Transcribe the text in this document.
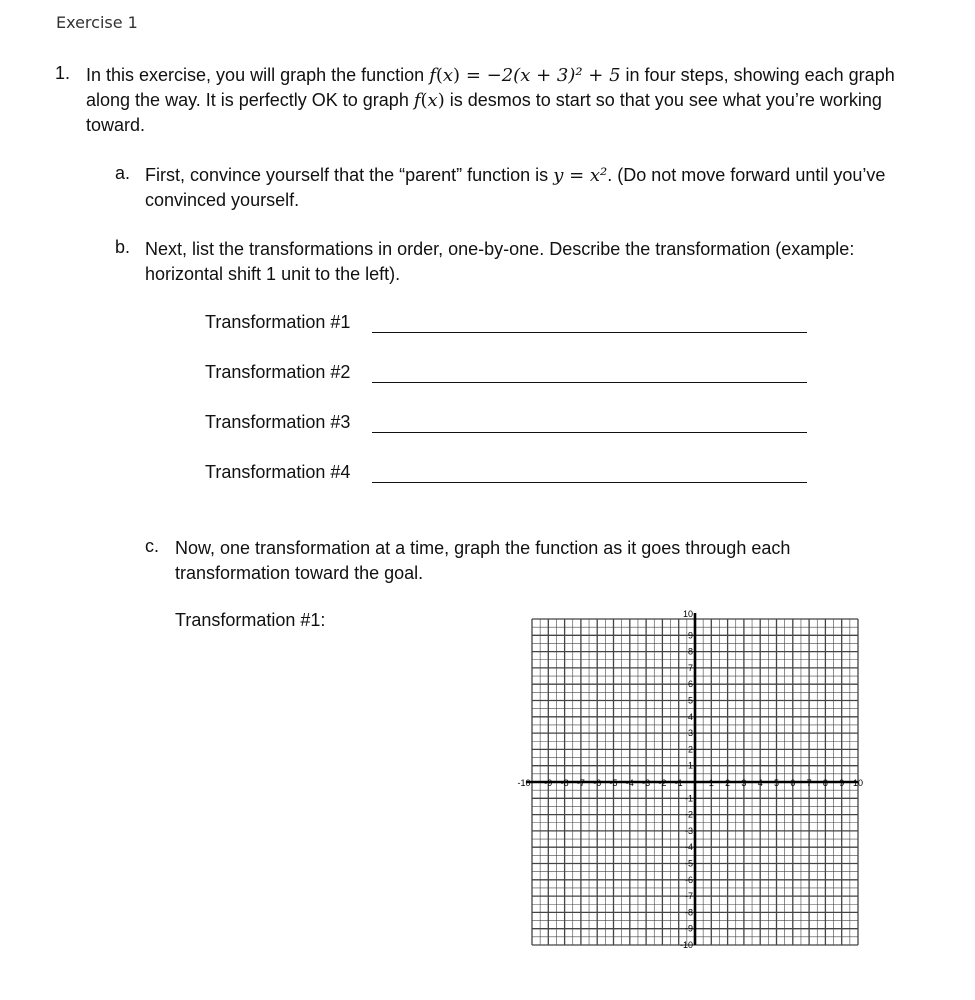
Exercise 1
1. In this exercise, you will graph the function f(x) = −2(x + 3)² + 5 in four steps, showing each graph along the way. It is perfectly OK to graph f(x) is desmos to start so that you see what you’re working toward.
a. First, convince yourself that the “parent” function is y = x². (Do not move forward until you’ve convinced yourself.
b. Next, list the transformations in order, one-by-one. Describe the transformation (example: horizontal shift 1 unit to the left).
Transformation #1
Transformation #2
Transformation #3
Transformation #4
c. Now, one transformation at a time, graph the function as it goes through each transformation toward the goal.
Transformation #1:
-10 -9 -8 -7 -6 -5 -4 -3 -2 -1	1 2 3 4 5 6 7 8 9 10
10
9
8
7
6
5
4
3
2
1
-1
-2
-3
-4
-5
-6
-7
-8
-9
-10
